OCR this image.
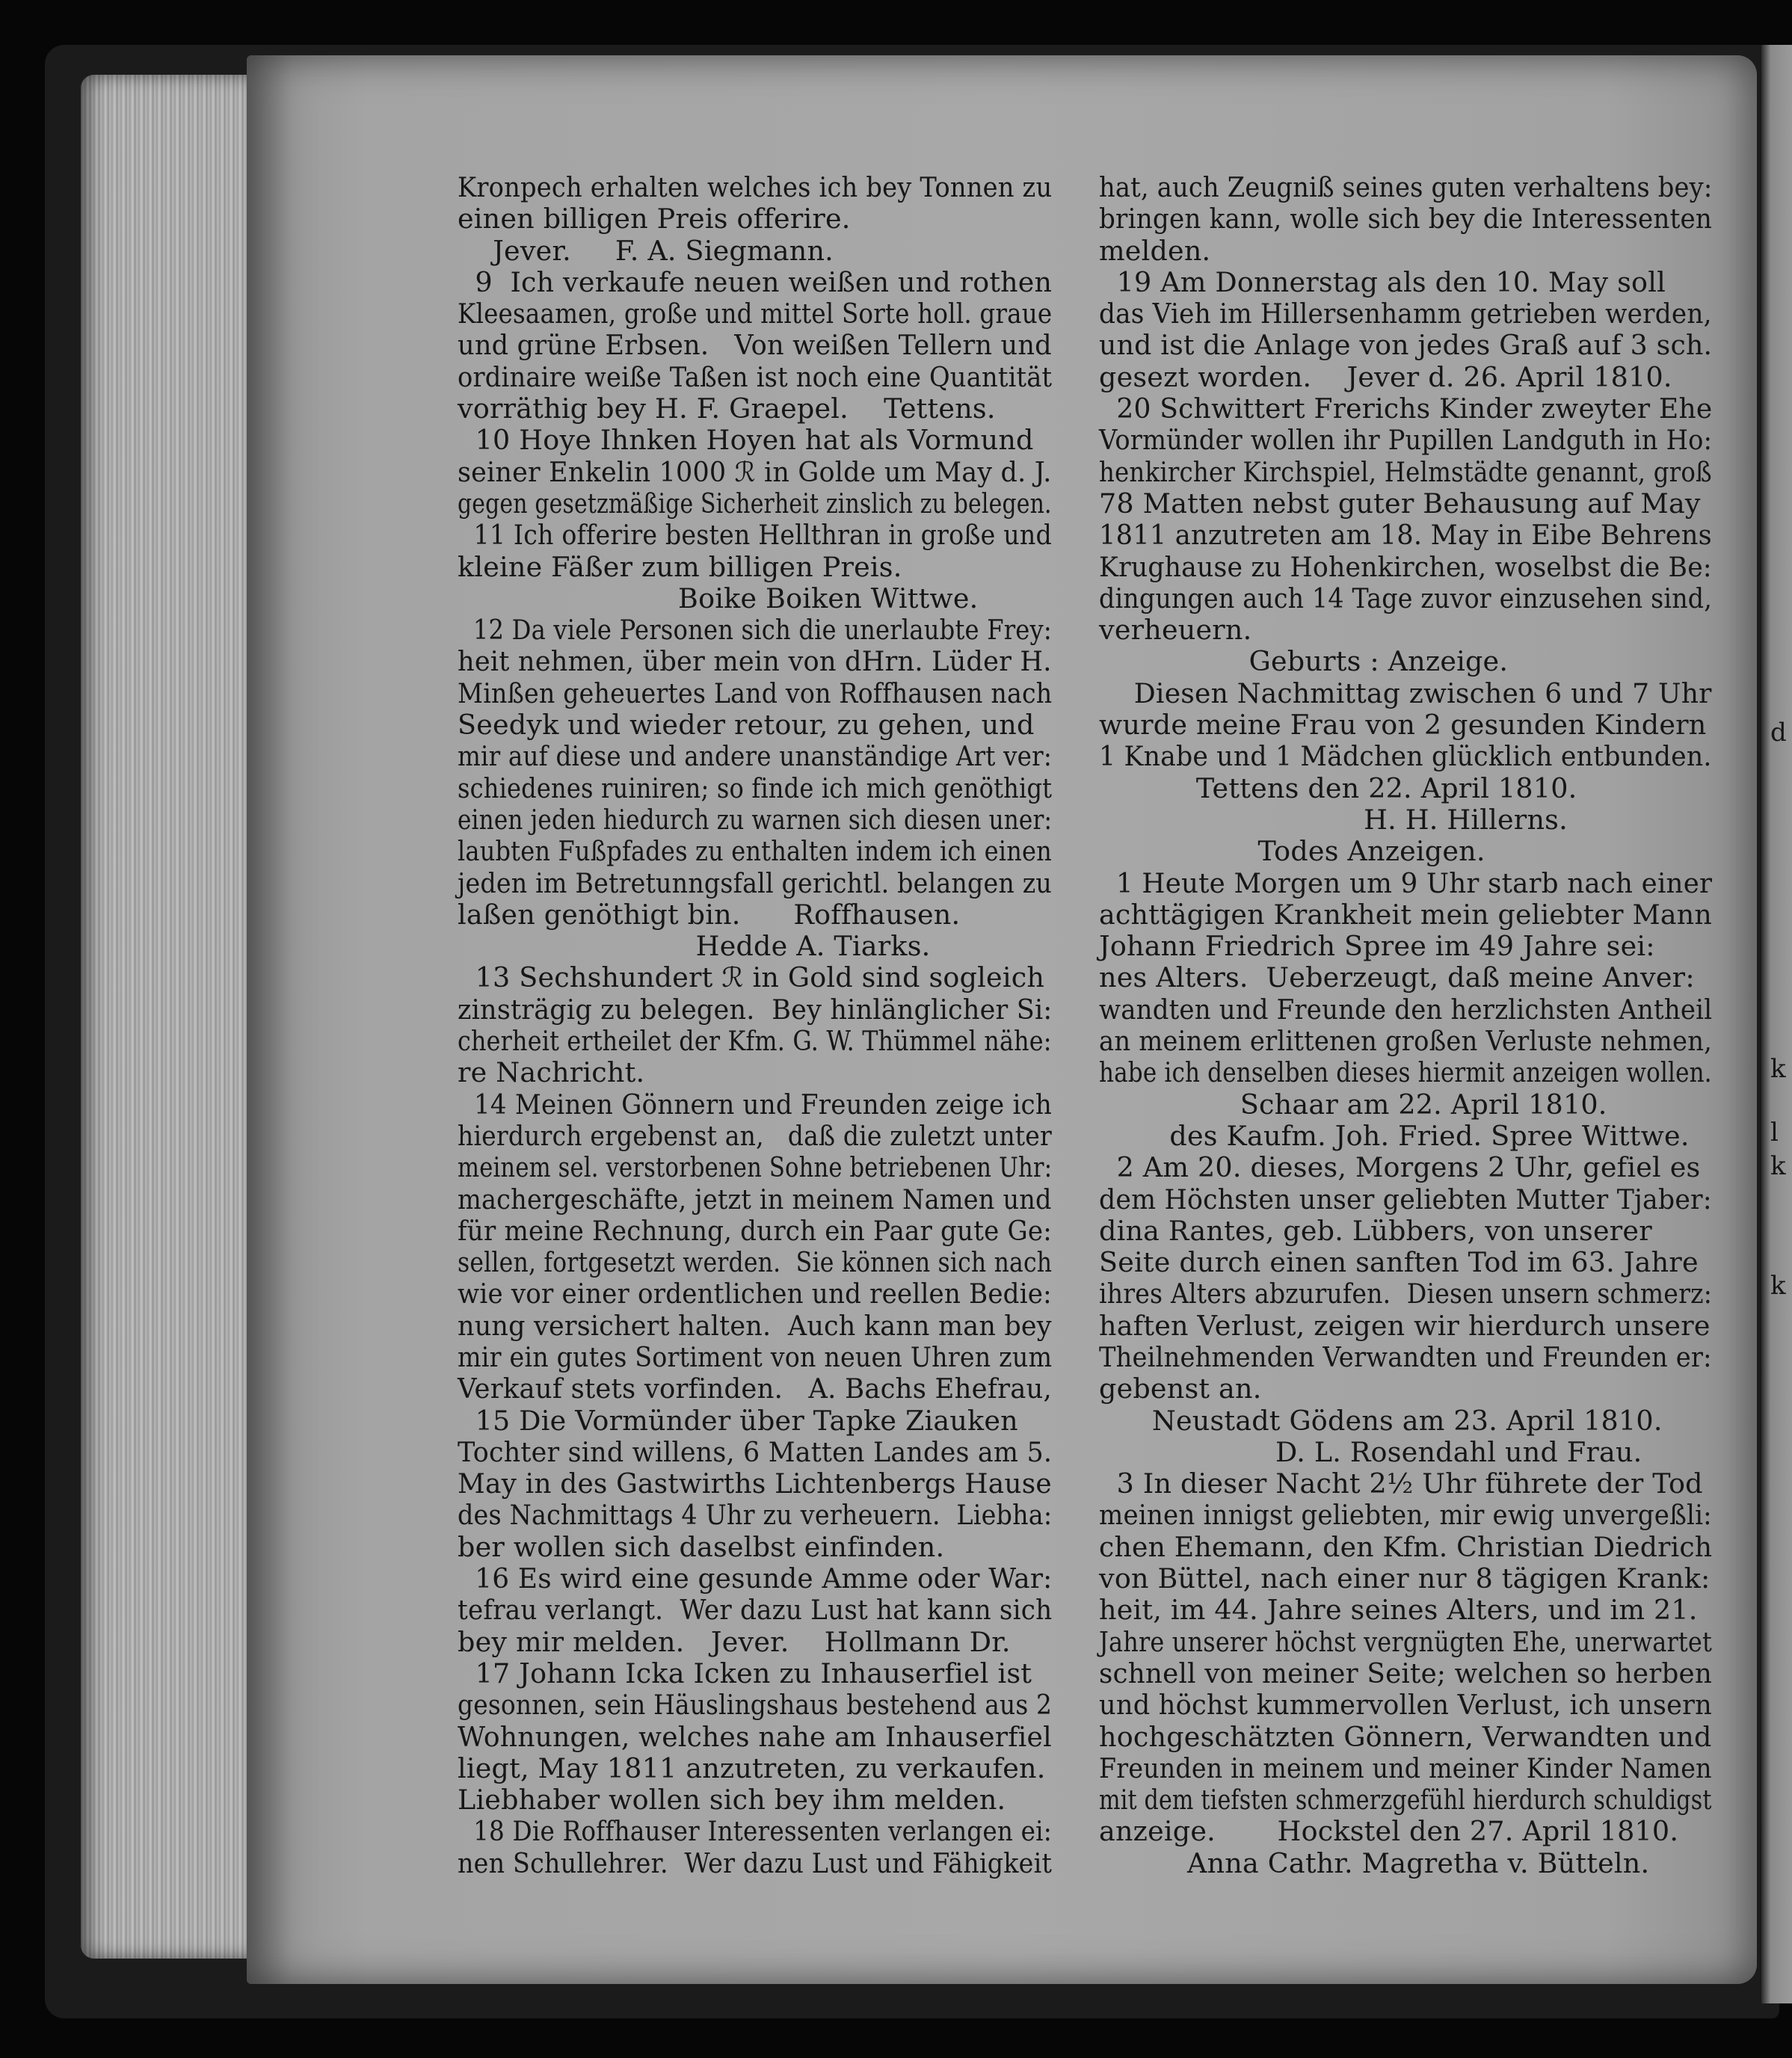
Kronpech erhalten welches ich bey Tonnen zu
einen billigen Preis offerire.
Jever.     F. A. Siegmann.
9  Ich verkaufe neuen weißen und rothen
Kleesaamen, große und mittel Sorte holl. graue
und grüne Erbsen.   Von weißen Tellern und
ordinaire weiße Taßen ist noch eine Quantität
vorräthig bey H. F. Graepel.    Tettens.
10 Hoye Ihnken Hoyen hat als Vormund
seiner Enkelin 1000 ℛ in Golde um May d. J.
gegen gesetzmäßige Sicherheit zinslich zu belegen.
11 Ich offerire besten Hellthran in große und
kleine Fäßer zum billigen Preis.
Boike Boiken Wittwe.
12 Da viele Personen sich die unerlaubte Frey:
heit nehmen, über mein von dHrn. Lüder H.
Minßen geheuertes Land von Roffhausen nach
Seedyk und wieder retour, zu gehen, und
mir auf diese und andere unanständige Art ver:
schiedenes ruiniren; so finde ich mich genöthigt
einen jeden hiedurch zu warnen sich diesen uner:
laubten Fußpfades zu enthalten indem ich einen
jeden im Betretunngsfall gerichtl. belangen zu
laßen genöthigt bin.      Roffhausen.
Hedde A. Tiarks.
13 Sechshundert ℛ in Gold sind sogleich
zinsträgig zu belegen.  Bey hinlänglicher Si:
cherheit ertheilet der Kfm. G. W. Thümmel nähe:
re Nachricht.
14 Meinen Gönnern und Freunden zeige ich
hierdurch ergebenst an,   daß die zuletzt unter
meinem sel. verstorbenen Sohne betriebenen Uhr:
machergeschäfte, jetzt in meinem Namen und
für meine Rechnung, durch ein Paar gute Ge:
sellen, fortgesetzt werden.  Sie können sich nach
wie vor einer ordentlichen und reellen Bedie:
nung versichert halten.  Auch kann man bey
mir ein gutes Sortiment von neuen Uhren zum
Verkauf stets vorfinden.   A. Bachs Ehefrau,
15 Die Vormünder über Tapke Ziauken
Tochter sind willens, 6 Matten Landes am 5.
May in des Gastwirths Lichtenbergs Hause
des Nachmittags 4 Uhr zu verheuern.  Liebha:
ber wollen sich daselbst einfinden.
16 Es wird eine gesunde Amme oder War:
tefrau verlangt.  Wer dazu Lust hat kann sich
bey mir melden.   Jever.    Hollmann Dr.
17 Johann Icka Icken zu Inhauserfiel ist
gesonnen, sein Häuslingshaus bestehend aus 2
Wohnungen, welches nahe am Inhauserfiel
liegt, May 1811 anzutreten, zu verkaufen.
Liebhaber wollen sich bey ihm melden.
18 Die Roffhauser Interessenten verlangen ei:
nen Schullehrer.  Wer dazu Lust und Fähigkeit
hat, auch Zeugniß seines guten verhaltens bey:
bringen kann, wolle sich bey die Interessenten
melden.
19 Am Donnerstag als den 10. May soll
das Vieh im Hillersenhamm getrieben werden,
und ist die Anlage von jedes Graß auf 3 sch.
gesezt worden.    Jever d. 26. April 1810.
20 Schwittert Frerichs Kinder zweyter Ehe
Vormünder wollen ihr Pupillen Landguth in Ho:
henkircher Kirchspiel, Helmstädte genannt, groß
78 Matten nebst guter Behausung auf May
1811 anzutreten am 18. May in Eibe Behrens
Krughause zu Hohenkirchen, woselbst die Be:
dingungen auch 14 Tage zuvor einzusehen sind,
verheuern.
Geburts : Anzeige.
Diesen Nachmittag zwischen 6 und 7 Uhr
wurde meine Frau von 2 gesunden Kindern
1 Knabe und 1 Mädchen glücklich entbunden.
Tettens den 22. April 1810.
H. H. Hillerns.
Todes Anzeigen.
1 Heute Morgen um 9 Uhr starb nach einer
achttägigen Krankheit mein geliebter Mann
Johann Friedrich Spree im 49 Jahre sei:
nes Alters.  Ueberzeugt, daß meine Anver:
wandten und Freunde den herzlichsten Antheil
an meinem erlittenen großen Verluste nehmen,
habe ich denselben dieses hiermit anzeigen wollen.
Schaar am 22. April 1810.
des Kaufm. Joh. Fried. Spree Wittwe.
2 Am 20. dieses, Morgens 2 Uhr, gefiel es
dem Höchsten unser geliebten Mutter Tjaber:
dina Rantes, geb. Lübbers, von unserer
Seite durch einen sanften Tod im 63. Jahre
ihres Alters abzurufen.  Diesen unsern schmerz:
haften Verlust, zeigen wir hierdurch unsere
Theilnehmenden Verwandten und Freunden er:
gebenst an.
Neustadt Gödens am 23. April 1810.
D. L. Rosendahl und Frau.
3 In dieser Nacht 2½ Uhr führete der Tod
meinen innigst geliebten, mir ewig unvergeßli:
chen Ehemann, den Kfm. Christian Diedrich
von Büttel, nach einer nur 8 tägigen Krank:
heit, im 44. Jahre seines Alters, und im 21.
Jahre unserer höchst vergnügten Ehe, unerwartet
schnell von meiner Seite; welchen so herben
und höchst kummervollen Verlust, ich unsern
hochgeschätzten Gönnern, Verwandten und
Freunden in meinem und meiner Kinder Namen
mit dem tiefsten schmerzgefühl hierdurch schuldigst
anzeige.       Hockstel den 27. April 1810.
Anna Cathr. Magretha v. Bütteln.
d
k
l
k
k
